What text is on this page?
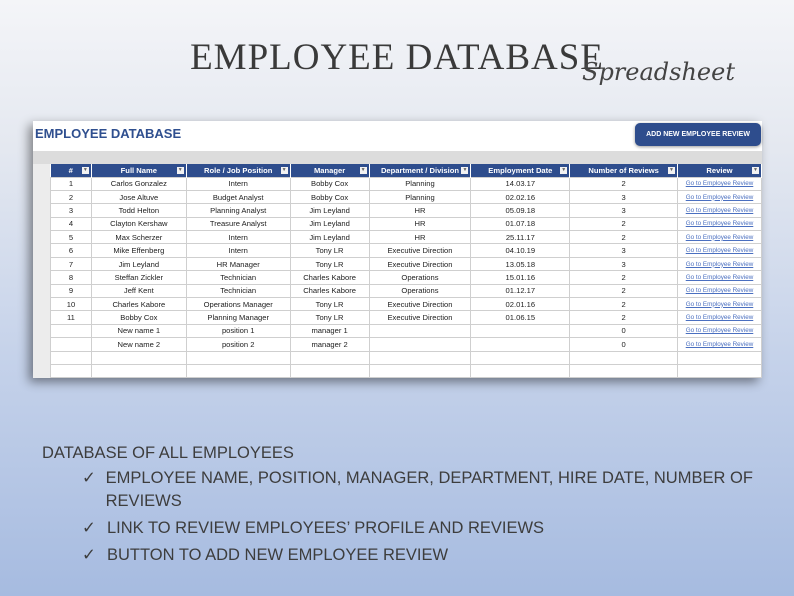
EMPLOYEE DATABASE
Spreadsheet
EMPLOYEE DATABASE	ADD NEW EMPLOYEE REVIEW
# ▼	Full Name ▼	Role / Job Position ▼	Manager ▼	Department / Division ▼	Employment Date ▼	Number of Reviews ▼	Review ▼

1	Carlos Gonzalez	Intern	Bobby Cox	Planning	14.03.17	2	Go to Employee Review
2	Jose Altuve	Budget Analyst	Bobby Cox	Planning	02.02.16	3	Go to Employee Review
3	Todd Helton	Planning Analyst	Jim Leyland	HR	05.09.18	3	Go to Employee Review
4	Clayton Kershaw	Treasure Analyst	Jim Leyland	HR	01.07.18	2	Go to Employee Review
5	Max Scherzer	Intern	Jim Leyland	HR	25.11.17	2	Go to Employee Review
6	Mike Effenberg	Intern	Tony LR	Executive Direction	04.10.19	3	Go to Employee Review
7	Jim Leyland	HR Manager	Tony LR	Executive Direction	13.05.18	3	Go to Employee Review
8	Steffan Zickler	Technician	Charles Kabore	Operations	15.01.16	2	Go to Employee Review
9	Jeff Kent	Technician	Charles Kabore	Operations	01.12.17	2	Go to Employee Review
10	Charles Kabore	Operations Manager	Tony LR	Executive Direction	02.01.16	2	Go to Employee Review
11	Bobby Cox	Planning Manager	Tony LR	Executive Direction	01.06.15	2	Go to Employee Review
	New name 1	position 1	manager 1			0	Go to Employee Review
	New name 2	position 2	manager 2			0	Go to Employee Review

DATABASE OF ALL EMPLOYEES
✓ EMPLOYEE NAME, POSITION, MANAGER, DEPARTMENT, HIRE DATE, NUMBER OF REVIEWS
✓ LINK TO REVIEW EMPLOYEES’ PROFILE AND REVIEWS
✓ BUTTON TO ADD NEW EMPLOYEE REVIEW
